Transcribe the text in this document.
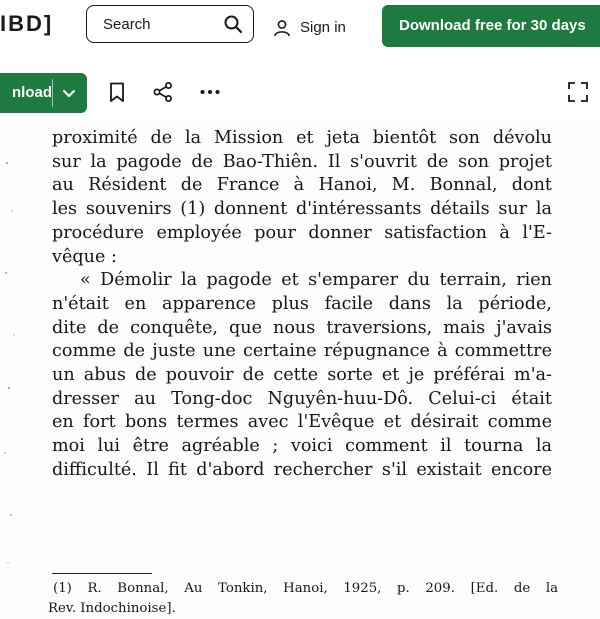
IBD]	Search	Sign in	Download free for 30 days
nload
proximité de la Mission et jeta bientôt son dévolu
sur la pagode de Bao-Thiên. Il s'ouvrit de son projet
au Résident de France à Hanoi, M. Bonnal, dont
les souvenirs (1) donnent d'intéressants détails sur la
procédure employée pour donner satisfaction à l'E-
vêque :
« Démolir la pagode et s'emparer du terrain, rien
n'était en apparence plus facile dans la période,
dite de conquête, que nous traversions, mais j'avais
comme de juste une certaine répugnance à commettre
un abus de pouvoir de cette sorte et je préférai m'a-
dresser au Tong-doc Nguyên-huu-Dô. Celui-ci était
en fort bons termes avec l'Evêque et désirait comme
moi lui être agréable ; voici comment il tourna la
difficulté. Il fit d'abord rechercher s'il existait encore
(1) R. Bonnal, Au Tonkin, Hanoi, 1925, p. 209. [Ed. de la
Rev. Indochinoise].
